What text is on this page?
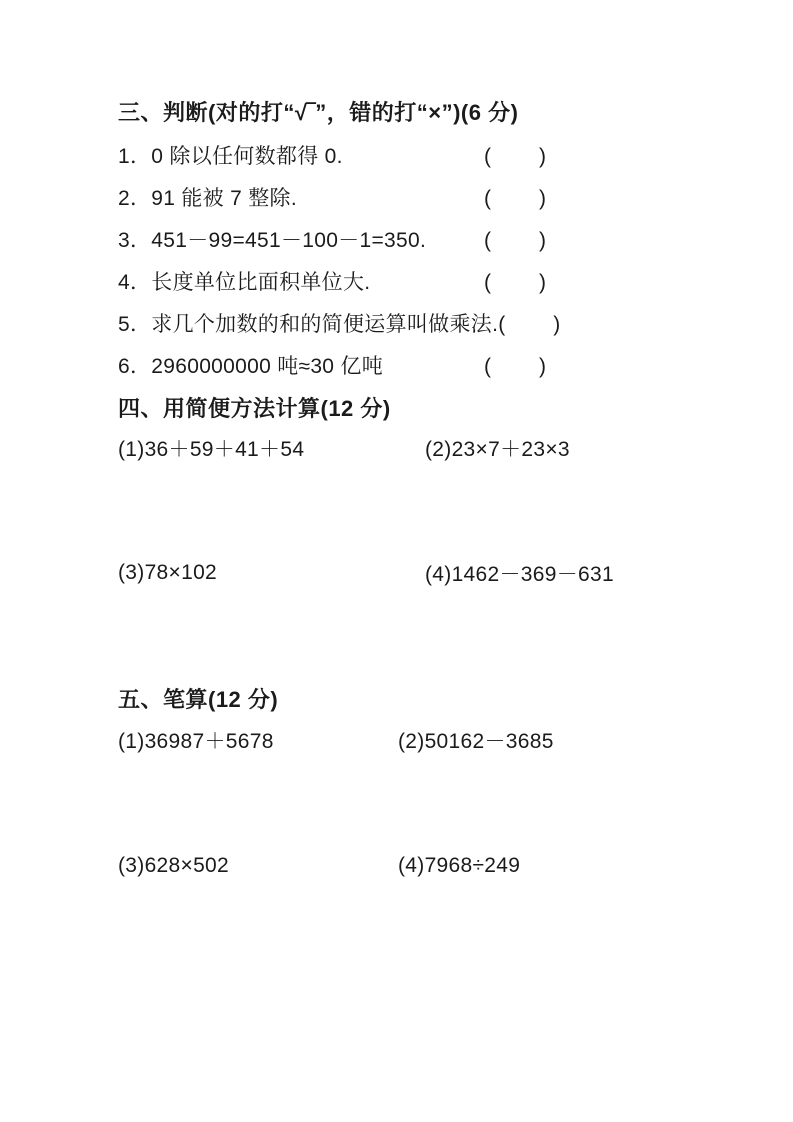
三、判断(对的打“√‾”，错的打“×”)(6 分)
1．0 除以任何数都得 0.	(　　)
2．91 能被 7 整除.	(　　)
3．451－99=451－100－1=350.	(　　)
4．长度单位比面积单位大.	(　　)
5．求几个加数的和的简便运算叫做乘法. (　　)
6．2960000000 吨≈30 亿吨	(　　)
四、用简便方法计算(12 分)
(1)36＋59＋41＋54	(2)23×7＋23×3
(3)78×102	(4)1462－369－631
五、笔算(12 分)
(1)36987＋5678	(2)50162－3685
(3)628×502	(4)7968÷249
